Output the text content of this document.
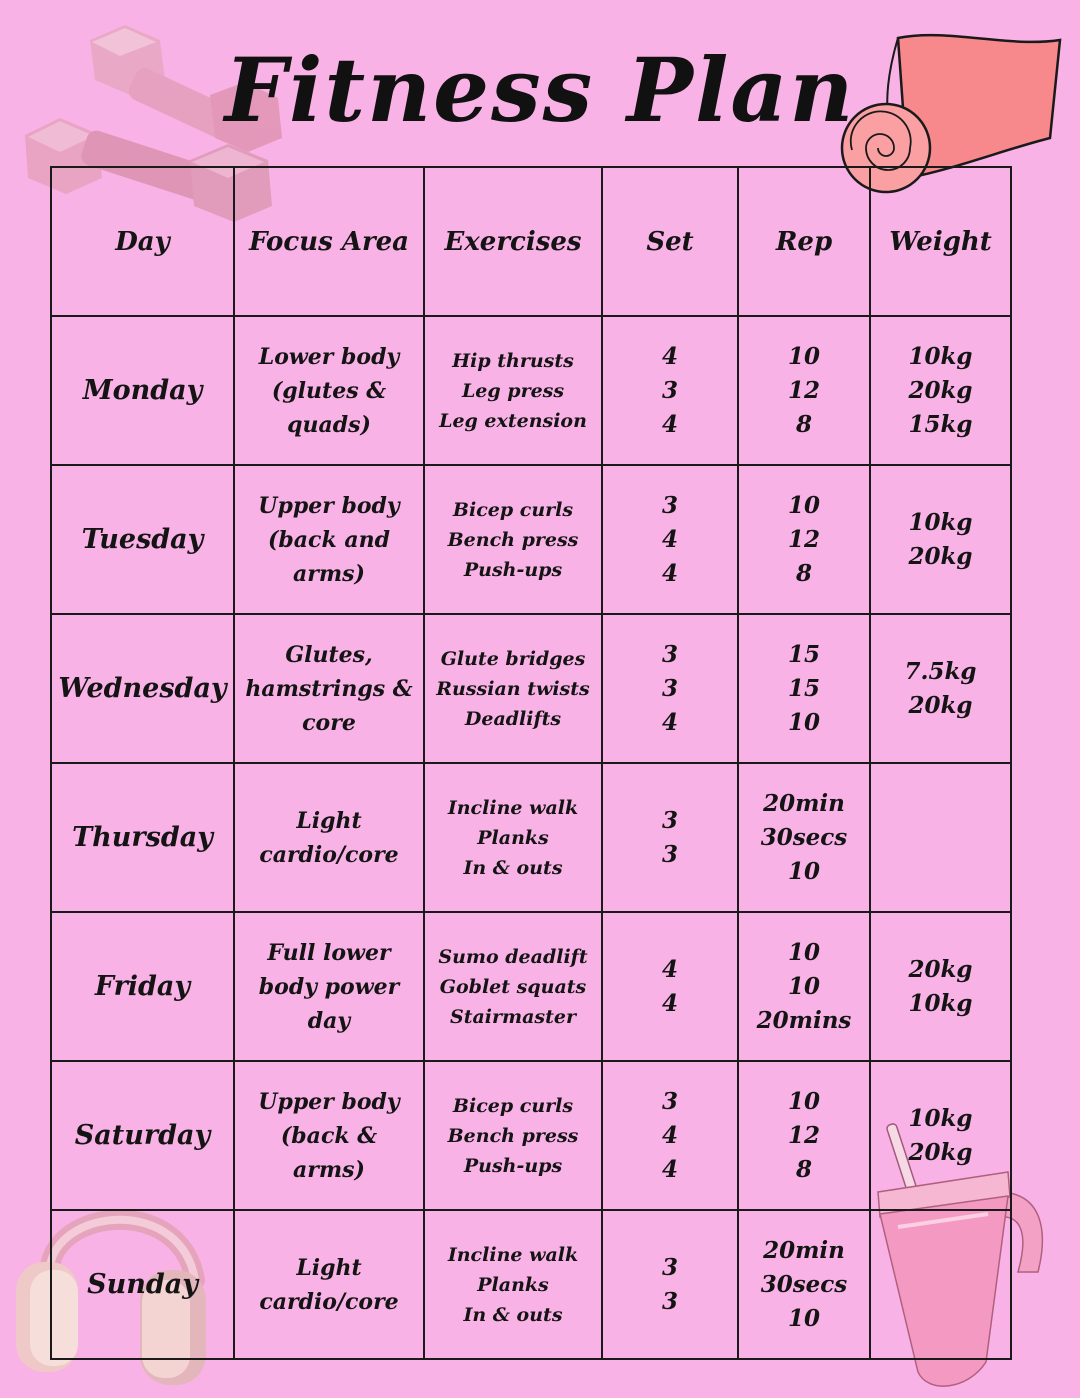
Fitness Plan
Day	Focus Area	Exercises	Set	Rep	Weight
Monday	Lower body
(glutes &
quads)	Hip thrusts
Leg press
Leg extension	4
3
4	10
12
8	10kg
20kg
15kg

Tuesday	Upper body
(back and
arms)	Bicep curls
Bench press
Push-ups	3
4
4	10
12
8	10kg
20kg

Wednesday	Glutes,
hamstrings &
core	Glute bridges
Russian twists
Deadlifts	3
3
4	15
15
10	7.5kg
20kg

Thursday	Light
cardio/core	Incline walk
Planks
In & outs	3
3	20min
30secs
10	

Friday	Full lower
body power
day	Sumo deadlift
Goblet squats
Stairmaster	4
4	10
10
20mins	20kg
10kg

Saturday	Upper body
(back &
arms)	Bicep curls
Bench press
Push-ups	3
4
4	10
12
8	10kg
20kg

Sunday	Light
cardio/core	Incline walk
Planks
In & outs	3
3	20min
30secs
10	
